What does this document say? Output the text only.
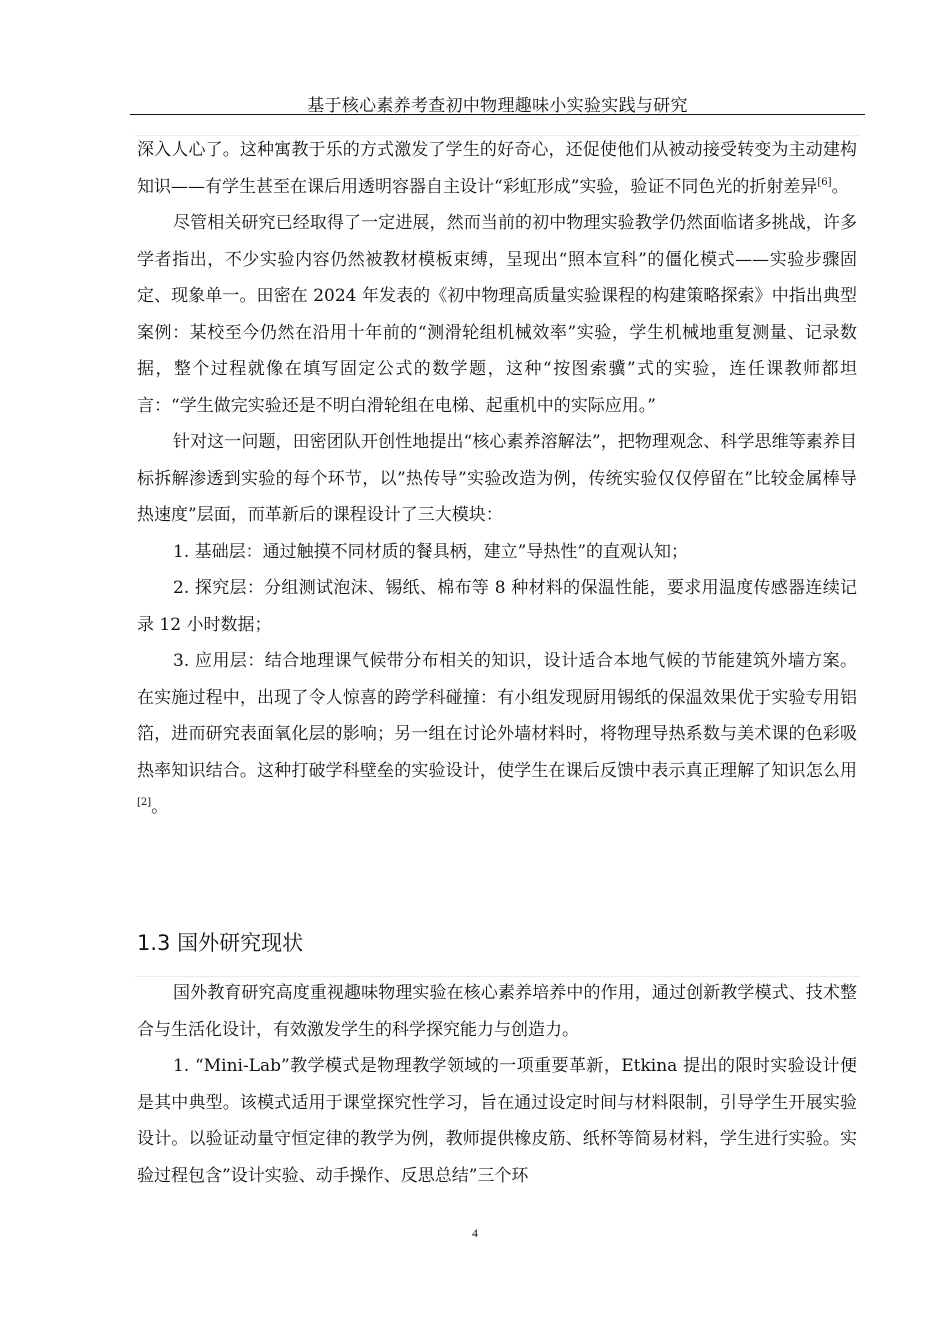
基于核心素养考查初中物理趣味小实验实践与研究

深入人心了。这种寓教于乐的方式激发了学生的好奇心，还促使他们从被动接受转变为主动建构知识——有学生甚至在课后用透明容器自主设计“彩虹形成”实验，验证不同色光的折射差异[6]。

尽管相关研究已经取得了一定进展，然而当前的初中物理实验教学仍然面临诸多挑战，许多学者指出，不少实验内容仍然被教材模板束缚，呈现出“照本宣科”的僵化模式——实验步骤固定、现象单一。田密在 2024 年发表的《初中物理高质量实验课程的构建策略探索》中指出典型案例：某校至今仍然在沿用十年前的“测滑轮组机械效率”实验，学生机械地重复测量、记录数据，整个过程就像在填写固定公式的数学题，这种“按图索骥”式的实验，连任课教师都坦言：“学生做完实验还是不明白滑轮组在电梯、起重机中的实际应用。”

针对这一问题，田密团队开创性地提出“核心素养溶解法”，把物理观念、科学思维等素养目标拆解渗透到实验的每个环节，以”热传导”实验改造为例，传统实验仅仅停留在”比较金属棒导热速度”层面，而革新后的课程设计了三大模块：

1. 基础层：通过触摸不同材质的餐具柄，建立”导热性”的直观认知；

2. 探究层：分组测试泡沫、锡纸、棉布等 8 种材料的保温性能，要求用温度传感器连续记录 12 小时数据；

3. 应用层：结合地理课气候带分布相关的知识，设计适合本地气候的节能建筑外墙方案。在实施过程中，出现了令人惊喜的跨学科碰撞：有小组发现厨用锡纸的保温效果优于实验专用铝箔，进而研究表面氧化层的影响；另一组在讨论外墙材料时，将物理导热系数与美术课的色彩吸热率知识结合。这种打破学科壁垒的实验设计，使学生在课后反馈中表示真正理解了知识怎么用[2]。

1.3 国外研究现状

国外教育研究高度重视趣味物理实验在核心素养培养中的作用，通过创新教学模式、技术整合与生活化设计，有效激发学生的科学探究能力与创造力。

1. “Mini-Lab”教学模式是物理教学领域的一项重要革新，Etkina 提出的限时实验设计便是其中典型。该模式适用于课堂探究性学习，旨在通过设定时间与材料限制，引导学生开展实验设计。以验证动量守恒定律的教学为例，教师提供橡皮筋、纸杯等简易材料，学生进行实验。实验过程包含”设计实验、动手操作、反思总结”三个环

4
